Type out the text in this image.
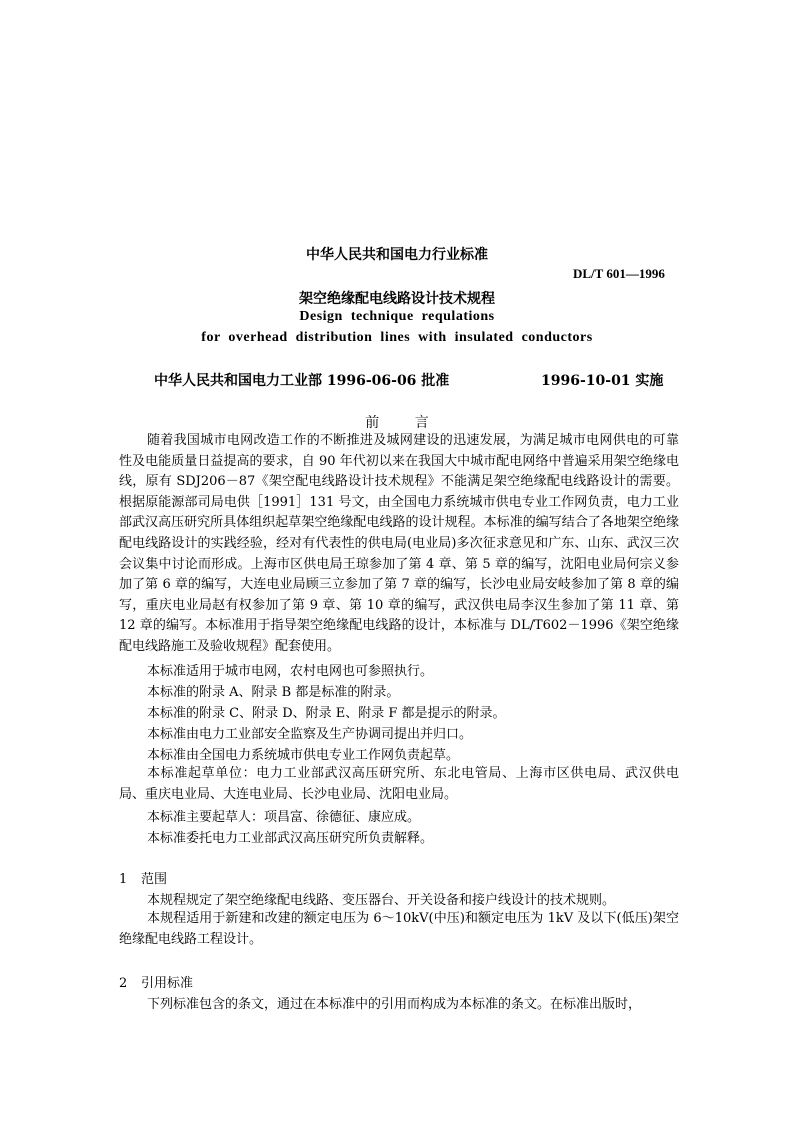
中华人民共和国电力行业标准
DL/T 601—1996
架空绝缘配电线路设计技术规程
Design technique requlations
for overhead distribution lines with insulated conductors
中华人民共和国电力工业部 1996-06-06 批准	1996-10-01 实施
前        言
随着我国城市电网改造工作的不断推进及城网建设的迅速发展，为满足城市电网供电的可靠性及电能质量日益提高的要求，自 90 年代初以来在我国大中城市配电网络中普遍采用架空绝缘电线，原有 SDJ206－87《架空配电线路设计技术规程》不能满足架空绝缘配电线路设计的需要。根据原能源部司局电供［1991］131 号文，由全国电力系统城市供电专业工作网负责，电力工业部武汉高压研究所具体组织起草架空绝缘配电线路的设计规程。本标准的编写结合了各地架空绝缘配电线路设计的实践经验，经对有代表性的供电局(电业局)多次征求意见和广东、山东、武汉三次会议集中讨论而形成。上海市区供电局王琼参加了第 4 章、第 5 章的编写，沈阳电业局何宗义参加了第 6 章的编写，大连电业局顾三立参加了第 7 章的编写，长沙电业局安岐参加了第 8 章的编写，重庆电业局赵有权参加了第 9 章、第 10 章的编写，武汉供电局李汉生参加了第 11 章、第 12 章的编写。本标准用于指导架空绝缘配电线路的设计，本标准与 DL/T602－1996《架空绝缘配电线路施工及验收规程》配套使用。
本标准适用于城市电网，农村电网也可参照执行。
本标准的附录 A、附录 B 都是标准的附录。
本标准的附录 C、附录 D、附录 E、附录 F 都是提示的附录。
本标准由电力工业部安全监察及生产协调司提出并归口。
本标准由全国电力系统城市供电专业工作网负责起草。
本标准起草单位：电力工业部武汉高压研究所、东北电管局、上海市区供电局、武汉供电局、重庆电业局、大连电业局、长沙电业局、沈阳电业局。
本标准主要起草人：项昌富、徐德征、康应成。
本标准委托电力工业部武汉高压研究所负责解释。
1 范围
本规程规定了架空绝缘配电线路、变压器台、开关设备和接户线设计的技术规则。
本规程适用于新建和改建的额定电压为 6～10kV(中压)和额定电压为 1kV 及以下(低压)架空绝缘配电线路工程设计。
2 引用标准
下列标准包含的条文，通过在本标准中的引用而构成为本标准的条文。在标准出版时，
